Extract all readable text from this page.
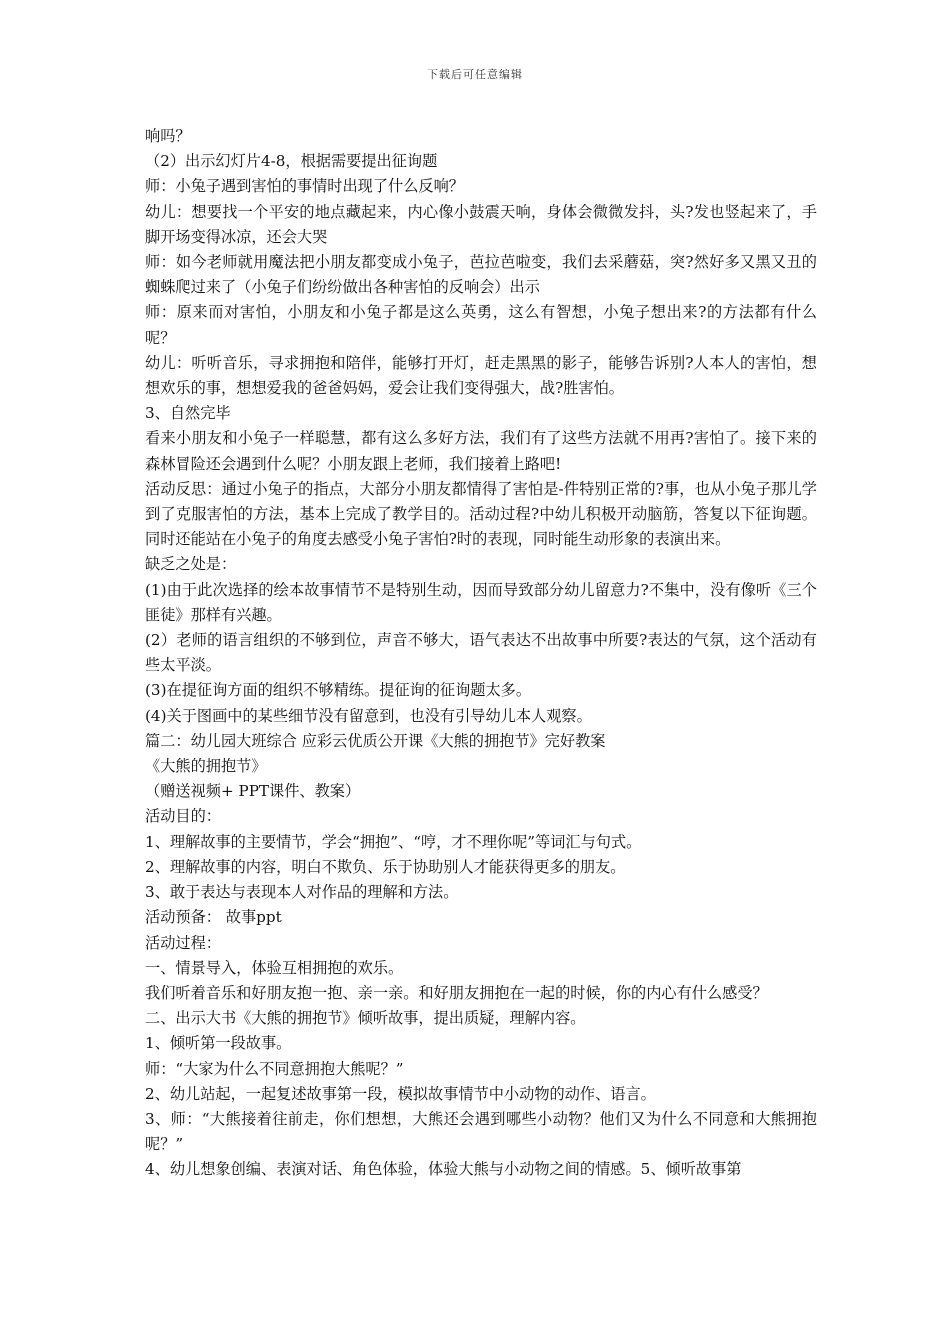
下载后可任意编辑

响吗？

（2）出示幻灯片4-8，根据需要提出征询题

师：小兔子遇到害怕的事情时出现了什么反响？

幼儿：想要找一个平安的地点藏起来，内心像小鼓震天响，身体会微微发抖，头?发也竖起来了，手脚开场变得冰凉，还会大哭

师：如今老师就用魔法把小朋友都变成小兔子，芭拉芭啦变，我们去采蘑菇，突?然好多又黑又丑的蜘蛛爬过来了（小兔子们纷纷做出各种害怕的反响会）出示

师：原来而对害怕，小朋友和小兔子都是这么英勇，这么有智想，小兔子想出来?的方法都有什么呢？

幼儿：听听音乐，寻求拥抱和陪伴，能够打开灯，赶走黑黑的影子，能够告诉别?人本人的害怕，想想欢乐的事，想想爱我的爸爸妈妈，爱会让我们变得强大，战?胜害怕。

3、自然完毕

看来小朋友和小兔子一样聪慧，都有这么多好方法，我们有了这些方法就不用再?害怕了。接下来的森林冒险还会遇到什么呢？小朋友跟上老师，我们接着上路吧!

活动反思：通过小兔子的指点，大部分小朋友都情得了害怕是-件特别正常的?事，也从小兔子那儿学到了克服害怕的方法，基本上完成了教学目的。活动过程?中幼儿积极开动脑筋，答复以下征询题。同时还能站在小兔子的角度去感受小兔子害怕?时的表现，同时能生动形象的表演出来。

缺乏之处是：

(1)由于此次选择的绘本故事情节不是特别生动，因而导致部分幼儿留意力?不集中，没有像听《三个匪徒》那样有兴趣。

(2）老师的语言组织的不够到位，声音不够大，语气表达不出故事中所要?表达的气氛，这个活动有些太平淡。

(3)在提征询方面的组织不够精练。提征询的征询题太多。

(4)关于图画中的某些细节没有留意到，也没有引导幼儿本人观察。

篇二：幼儿园大班综合 应彩云优质公开课《大熊的拥抱节》完好教案

《大熊的拥抱节》

（赠送视频+ PPT课件、教案）

活动目的：

1、理解故事的主要情节，学会“拥抱”、“哼，才不理你呢”等词汇与句式。

2、理解故事的内容，明白不欺负、乐于协助别人才能获得更多的朋友。

3、敢于表达与表现本人对作品的理解和方法。

活动预备： 故事ppt

活动过程：

一、情景导入，体验互相拥抱的欢乐。

我们听着音乐和好朋友抱一抱、亲一亲。和好朋友拥抱在一起的时候，你的内心有什么感受？

二、出示大书《大熊的拥抱节》倾听故事，提出质疑，理解内容。

1、倾听第一段故事。

师：“大家为什么不同意拥抱大熊呢？”

2、幼儿站起，一起复述故事第一段，模拟故事情节中小动物的动作、语言。

3、师：“大熊接着往前走，你们想想，大熊还会遇到哪些小动物？他们又为什么不同意和大熊拥抱呢？”

4、幼儿想象创编、表演对话、角色体验，体验大熊与小动物之间的情感。5、倾听故事第
